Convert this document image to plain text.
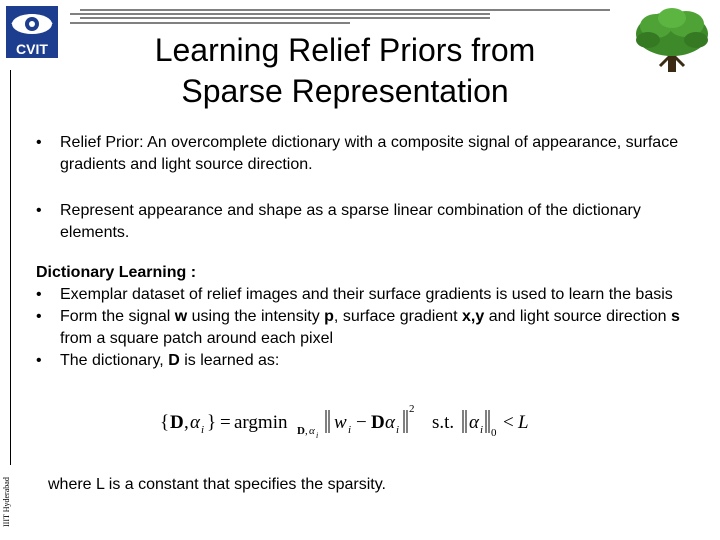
CVIT
IIIT Hyderabad
Learning Relief Priors from
Sparse Representation

• Relief Prior: An overcomplete dictionary with a composite signal of appearance, surface gradients and light source direction.

• Represent appearance and shape as a sparse linear combination of the dictionary elements.

Dictionary Learning :

• Exemplar dataset of relief images and their surface gradients is used to learn the basis

• Form the signal w using the intensity p, surface gradient x,y and light source direction s from a square patch around each pixel

• The dictionary, D is learned as:

{ D , α i } = argmin D , α i
w i − D α i
2
s.t. α i 0 < L
where L is a constant that specifies the sparsity.
